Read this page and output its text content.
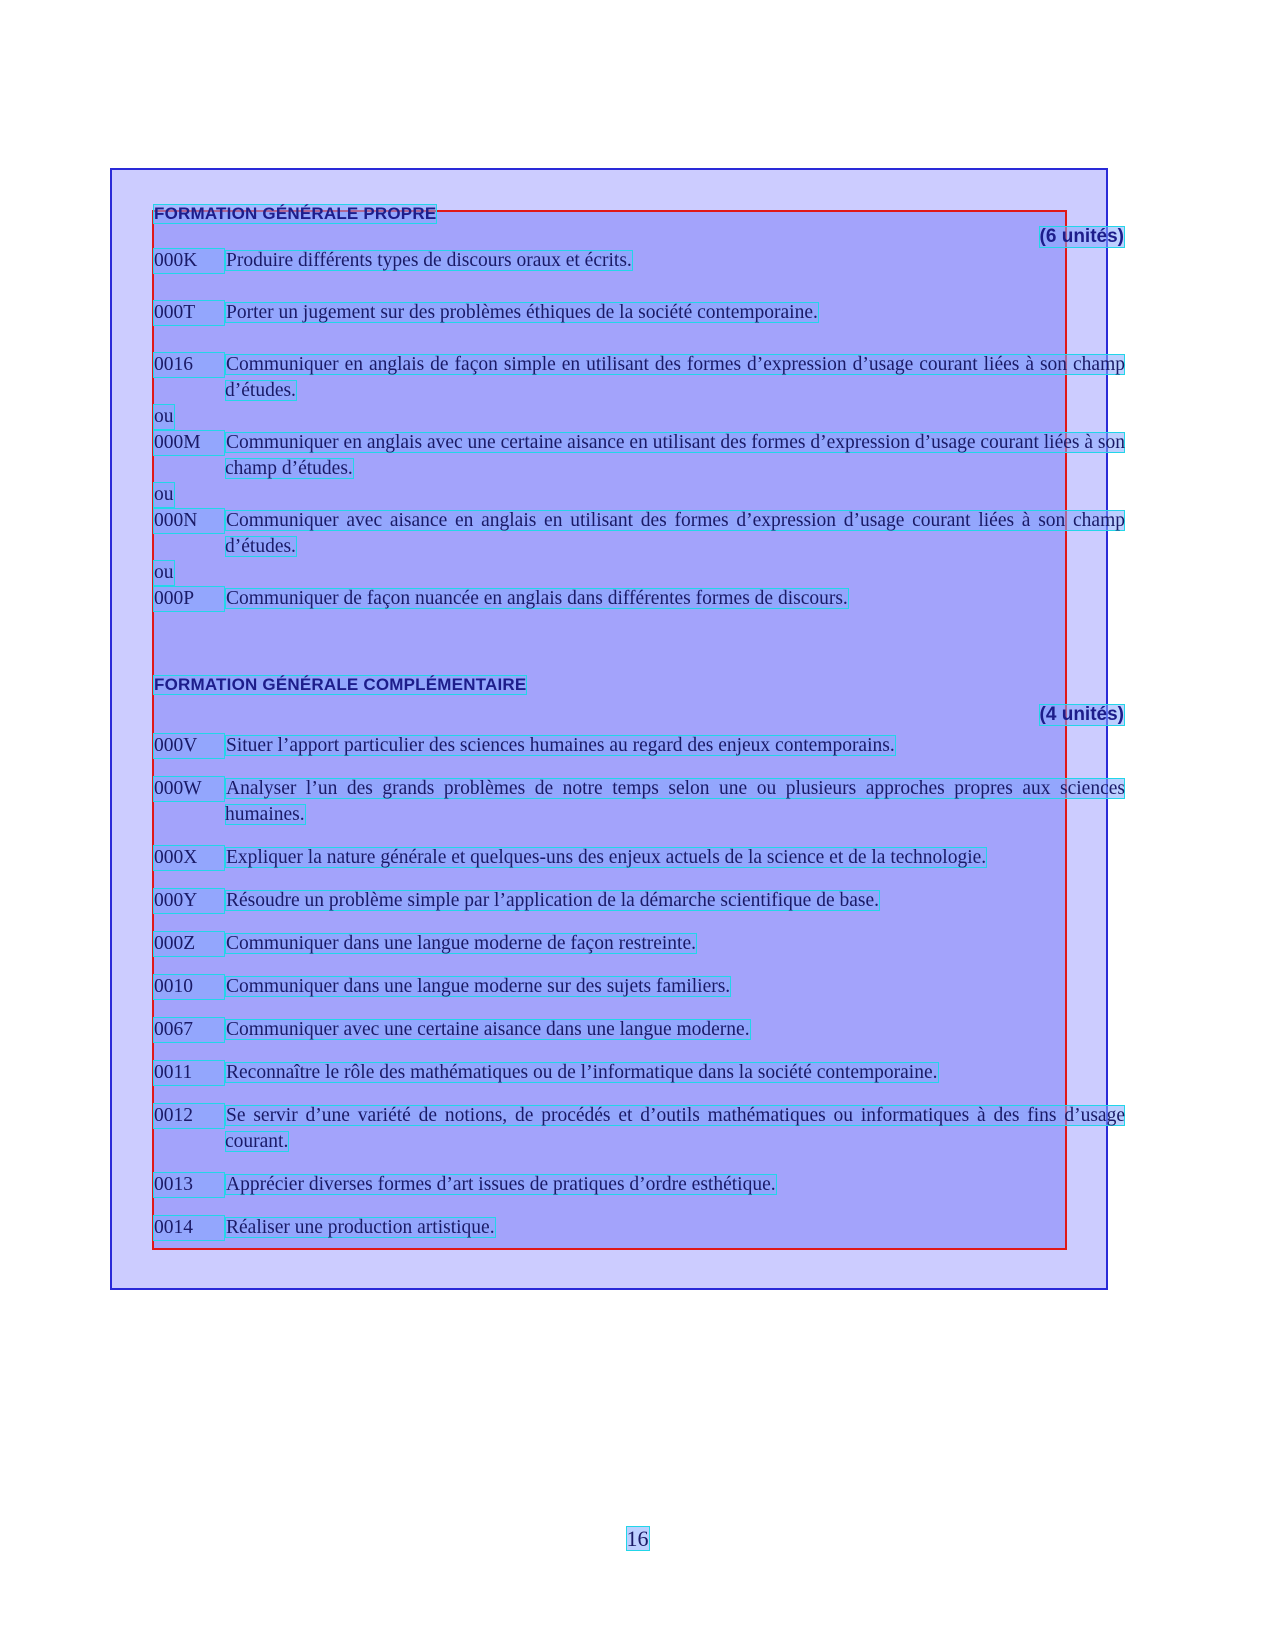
FORMATION GÉNÉRALE PROPRE
(6 unités)
000K	Produire différents types de discours oraux et écrits.
000T	Porter un jugement sur des problèmes éthiques de la société contemporaine.
0016	Communiquer en anglais de façon simple en utilisant des formes d’expression d’usage courant liées à son champ d’études.
ou
000M	Communiquer en anglais avec une certaine aisance en utilisant des formes d’expression d’usage courant liées à son champ d’études.
ou
000N	Communiquer avec aisance en anglais en utilisant des formes d’expression d’usage courant liées à son champ d’études.
ou
000P	Communiquer de façon nuancée en anglais dans différentes formes de discours.
FORMATION GÉNÉRALE COMPLÉMENTAIRE
(4 unités)
000V	Situer l’apport particulier des sciences humaines au regard des enjeux contemporains.
000W	Analyser l’un des grands problèmes de notre temps selon une ou plusieurs approches propres aux sciences humaines.
000X	Expliquer la nature générale et quelques-uns des enjeux actuels de la science et de la technologie.
000Y	Résoudre un problème simple par l’application de la démarche scientifique de base.
000Z	Communiquer dans une langue moderne de façon restreinte.
0010	Communiquer dans une langue moderne sur des sujets familiers.
0067	Communiquer avec une certaine aisance dans une langue moderne.
0011	Reconnaître le rôle des mathématiques ou de l’informatique dans la société contemporaine.
0012	Se servir d’une variété de notions, de procédés et d’outils mathématiques ou informatiques à des fins d’usage courant.
0013	Apprécier diverses formes d’art issues de pratiques d’ordre esthétique.
0014	Réaliser une production artistique.
16
